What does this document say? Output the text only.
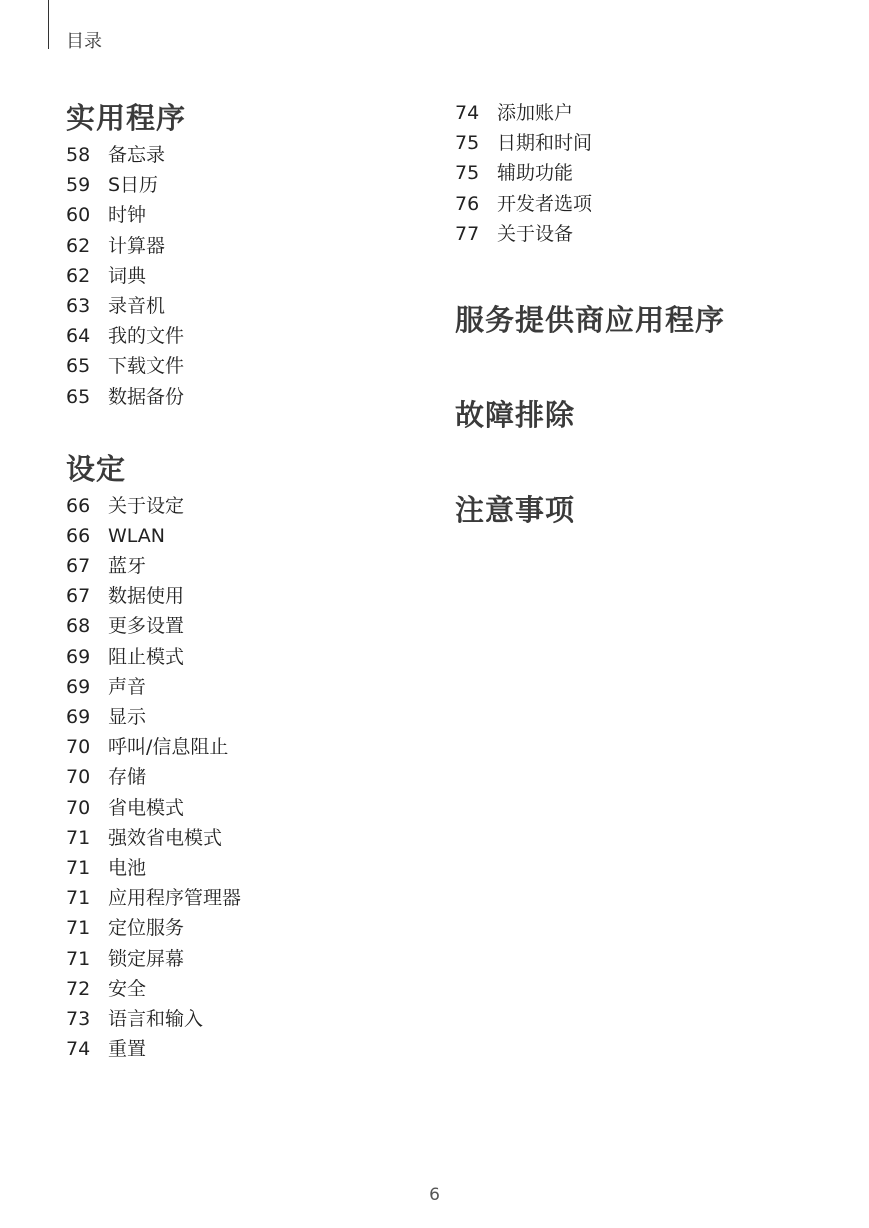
目录
实用程序
58 备忘录
59 S日历
60 时钟
62 计算器
62 词典
63 录音机
64 我的文件
65 下载文件
65 数据备份
设定
66 关于设定
66 WLAN
67 蓝牙
67 数据使用
68 更多设置
69 阻止模式
69 声音
69 显示
70 呼叫/信息阻止
70 存储
70 省电模式
71 强效省电模式
71 电池
71 应用程序管理器
71 定位服务
71 锁定屏幕
72 安全
73 语言和输入
74 重置
74 添加账户
75 日期和时间
75 辅助功能
76 开发者选项
77 关于设备
服务提供商应用程序
故障排除
注意事项
6
